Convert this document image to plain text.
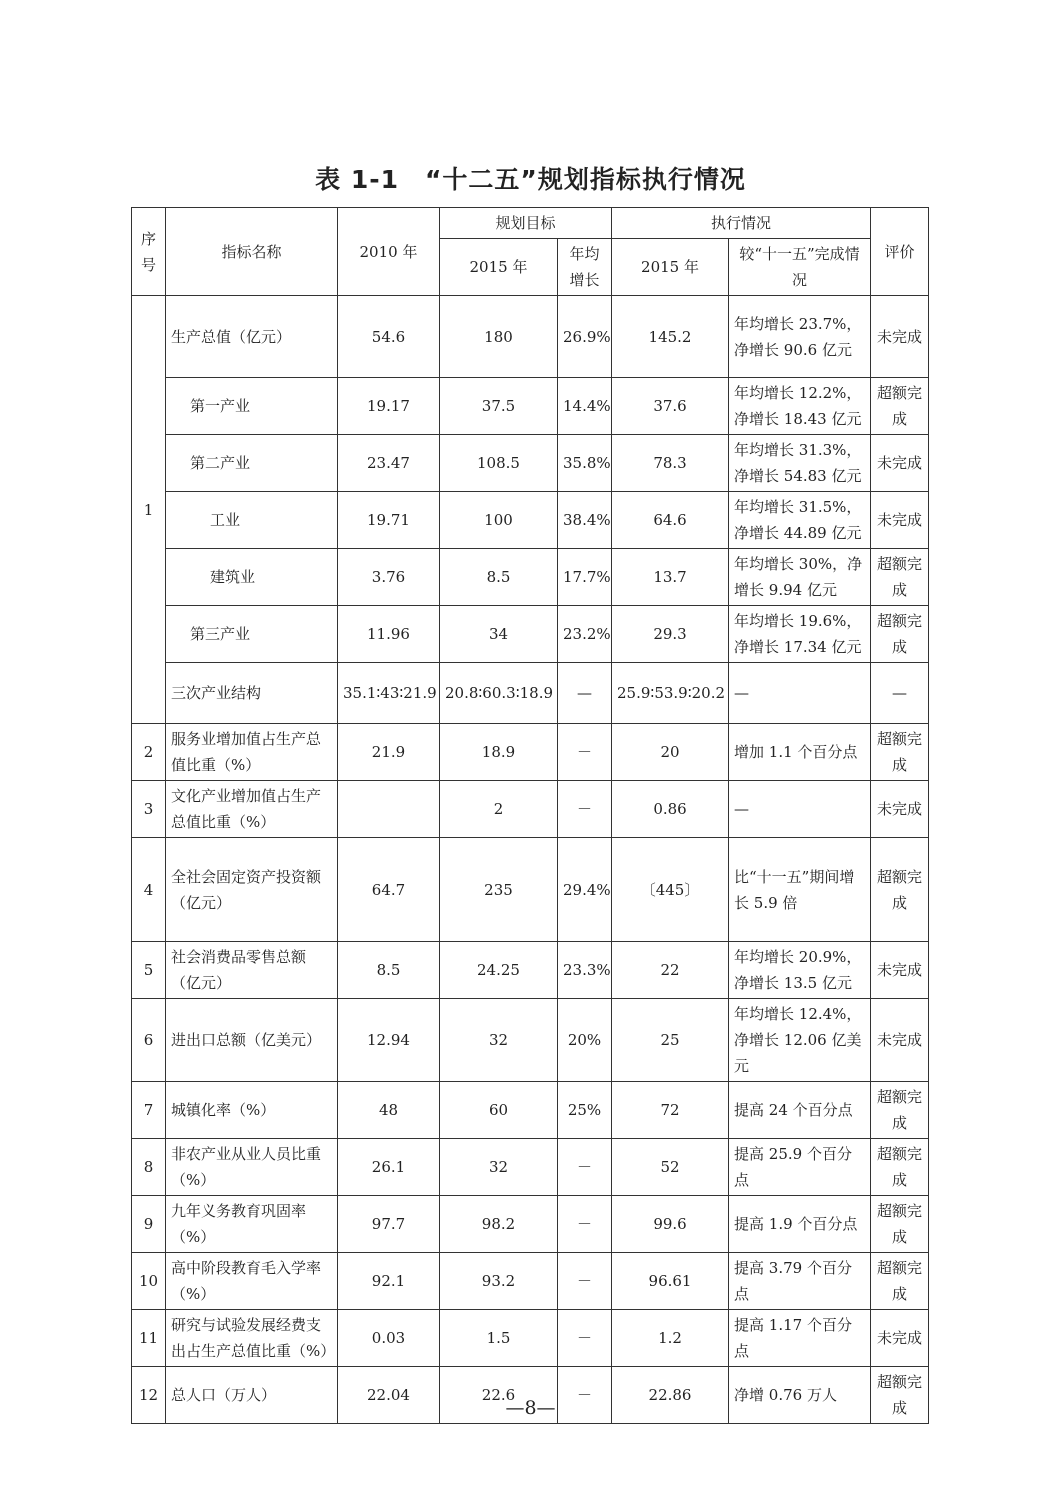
表 1-1　“十二五”规划指标执行情况
序号	指标名称	2010 年	规划目标		执行情况		评价
			2015 年	年均增长	2015 年	较“十一五”完成情况	
1	生产总值（亿元）	54.6	180	26.9%	145.2	年均增长 23.7%，净增长 90.6 亿元	未完成
	第一产业	19.17	37.5	14.4%	37.6	年均增长 12.2%，净增长 18.43 亿元	超额完成
	第二产业	23.47	108.5	35.8%	78.3	年均增长 31.3%，净增长 54.83 亿元	未完成
	工业	19.71	100	38.4%	64.6	年均增长 31.5%，净增长 44.89 亿元	未完成
	建筑业	3.76	8.5	17.7%	13.7	年均增长 30%，净增长 9.94 亿元	超额完成
	第三产业	11.96	34	23.2%	29.3	年均增长 19.6%，净增长 17.34 亿元	超额完成
	三次产业结构	35.1∶43∶21.9	20.8∶60.3∶18.9	—	25.9∶53.9∶20.2	—	—
2	服务业增加值占生产总值比重（%）	21.9	18.9	－	20	增加 1.1 个百分点	超额完成
3	文化产业增加值占生产总值比重（%）		2	－	0.86	—	未完成
4	全社会固定资产投资额（亿元）	64.7	235	29.4%	〔445〕	比“十一五”期间增长 5.9 倍	超额完成
5	社会消费品零售总额（亿元）	8.5	24.25	23.3%	22	年均增长 20.9%，净增长 13.5 亿元	未完成
6	进出口总额（亿美元）	12.94	32	20%	25	年均增长 12.4%，净增长 12.06 亿美元	未完成
7	城镇化率（%）	48	60	25%	72	提高 24 个百分点	超额完成
8	非农产业从业人员比重（%）	26.1	32	－	52	提高 25.9 个百分点	超额完成
9	九年义务教育巩固率（%）	97.7	98.2	－	99.6	提高 1.9 个百分点	超额完成
10	高中阶段教育毛入学率（%）	92.1	93.2	－	96.61	提高 3.79 个百分点	超额完成
11	研究与试验发展经费支出占生产总值比重（%）	0.03	1.5	－	1.2	提高 1.17 个百分点	未完成
12	总人口（万人）	22.04	22.6	－	22.86	净增 0.76 万人	超额完成
—8—
